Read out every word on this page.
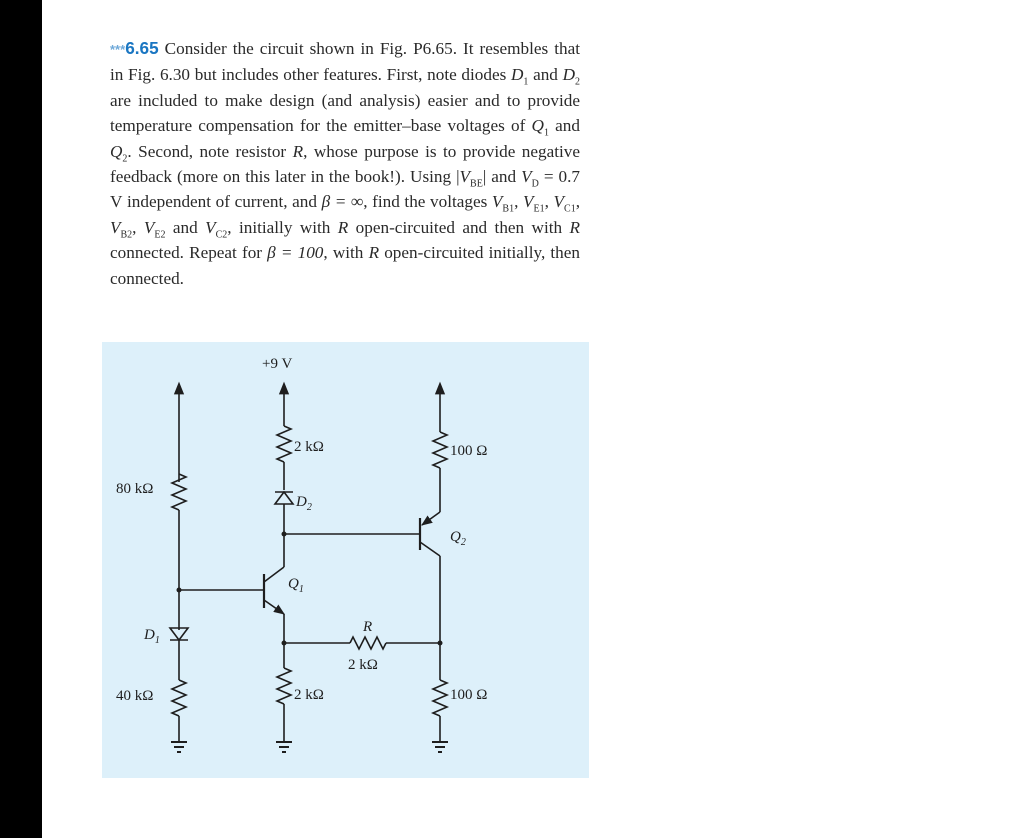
***6.65 Consider the circuit shown in Fig. P6.65. It resembles that in Fig. 6.30 but includes other features. First, note diodes $D_1$ and $D_2$ are included to make design (and analysis) easier and to provide temperature compensation for the emitter–base voltages of $Q_1$ and $Q_2$. Second, note resistor R, whose purpose is to provide negative feedback (more on this later in the book!). Using $|V_{BE}|$ and $V_D = 0.7$ V independent of current, and β = ∞, find the voltages $V_{B1}$, $V_{E1}$, $V_{C1}$, $V_{B2}$, $V_{E2}$ and $V_{C2}$, initially with R open-circuited and then with R connected. Repeat for β = 100, with R open-circuited initially, then connected.
+9 V
80 kΩ
40 kΩ
2 kΩ
2 kΩ
100 Ω
100 Ω
R
2 kΩ
$D_1$
$D_2$
$Q_1$
$Q_2$
